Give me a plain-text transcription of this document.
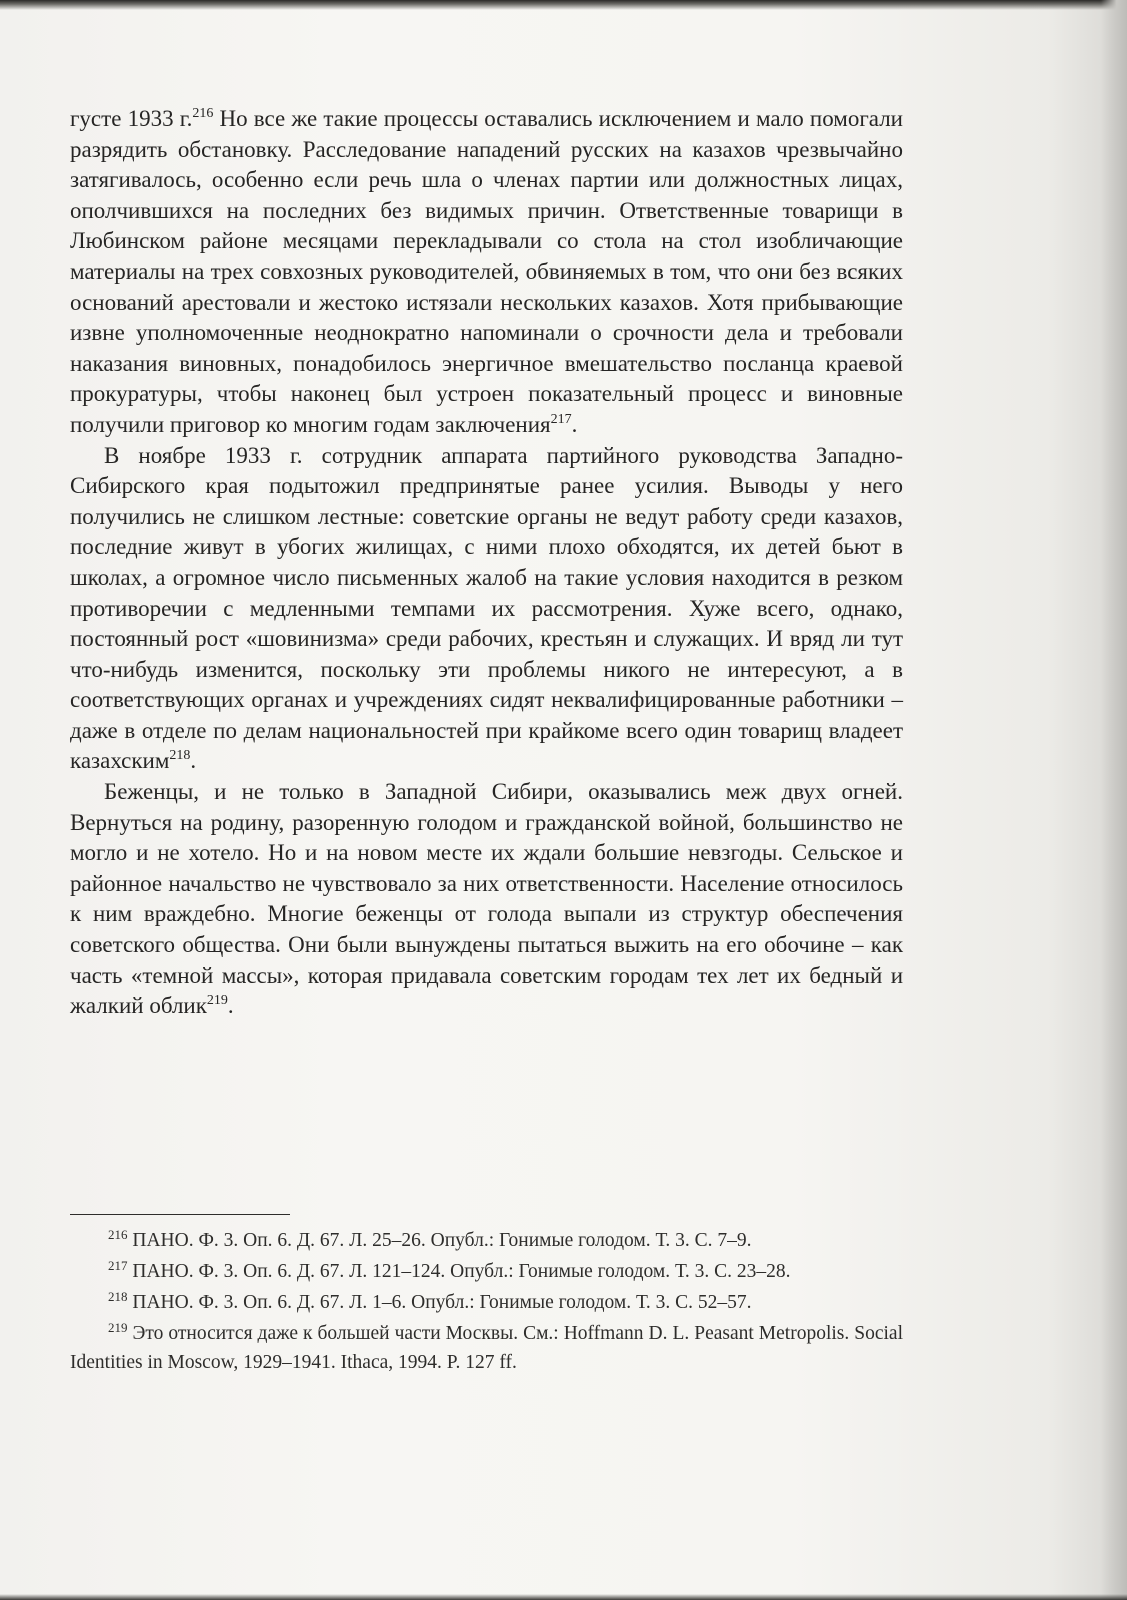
густе 1933 г.$^{216}$ Но все же такие процессы оставались исключением и мало помогали разрядить обстановку. Расследование нападений русских на казахов чрезвычайно затягивалось, особенно если речь шла о членах партии или должностных лицах, ополчившихся на последних без видимых причин. Ответственные товарищи в Любинском районе месяцами перекладывали со стола на стол изобличающие материалы на трех совхозных руководителей, обвиняемых в том, что они без всяких оснований арестовали и жестоко истязали нескольких казахов. Хотя прибывающие извне уполномоченные неоднократно напоминали о срочности дела и требовали наказания виновных, понадобилось энергичное вмешательство посланца краевой прокуратуры, чтобы наконец был устроен показательный процесс и виновные получили приговор ко многим годам заключения$^{217}$.

В ноябре 1933 г. сотрудник аппарата партийного руководства Западно-Сибирского края подытожил предпринятые ранее усилия. Выводы у него получились не слишком лестные: советские органы не ведут работу среди казахов, последние живут в убогих жилищах, с ними плохо обходятся, их детей бьют в школах, а огромное число письменных жалоб на такие условия находится в резком противоречии с медленными темпами их рассмотрения. Хуже всего, однако, постоянный рост «шовинизма» среди рабочих, крестьян и служащих. И вряд ли тут что-нибудь изменится, поскольку эти проблемы никого не интересуют, а в соответствующих органах и учреждениях сидят неквалифицированные работники – даже в отделе по делам национальностей при крайкоме всего один товарищ владеет казахским$^{218}$.

Беженцы, и не только в Западной Сибири, оказывались меж двух огней. Вернуться на родину, разоренную голодом и гражданской войной, большинство не могло и не хотело. Но и на новом месте их ждали большие невзгоды. Сельское и районное начальство не чувствовало за них ответственности. Население относилось к ним враждебно. Многие беженцы от голода выпали из структур обеспечения советского общества. Они были вынуждены пытаться выжить на его обочине – как часть «темной массы», которая придавала советским городам тех лет их бедный и жалкий облик$^{219}$.

$^{216}$ ПАНО. Ф. 3. Оп. 6. Д. 67. Л. 25–26. Опубл.: Гонимые голодом. Т. 3. С. 7–9.

$^{217}$ ПАНО. Ф. 3. Оп. 6. Д. 67. Л. 121–124. Опубл.: Гонимые голодом. Т. 3. С. 23–28.

$^{218}$ ПАНО. Ф. 3. Оп. 6. Д. 67. Л. 1–6. Опубл.: Гонимые голодом. Т. 3. С. 52–57.

$^{219}$ Это относится даже к большей части Москвы. См.: Hoffmann D. L. Peasant Metropolis. Social Identities in Moscow, 1929–1941. Ithaca, 1994. P. 127 ff.
